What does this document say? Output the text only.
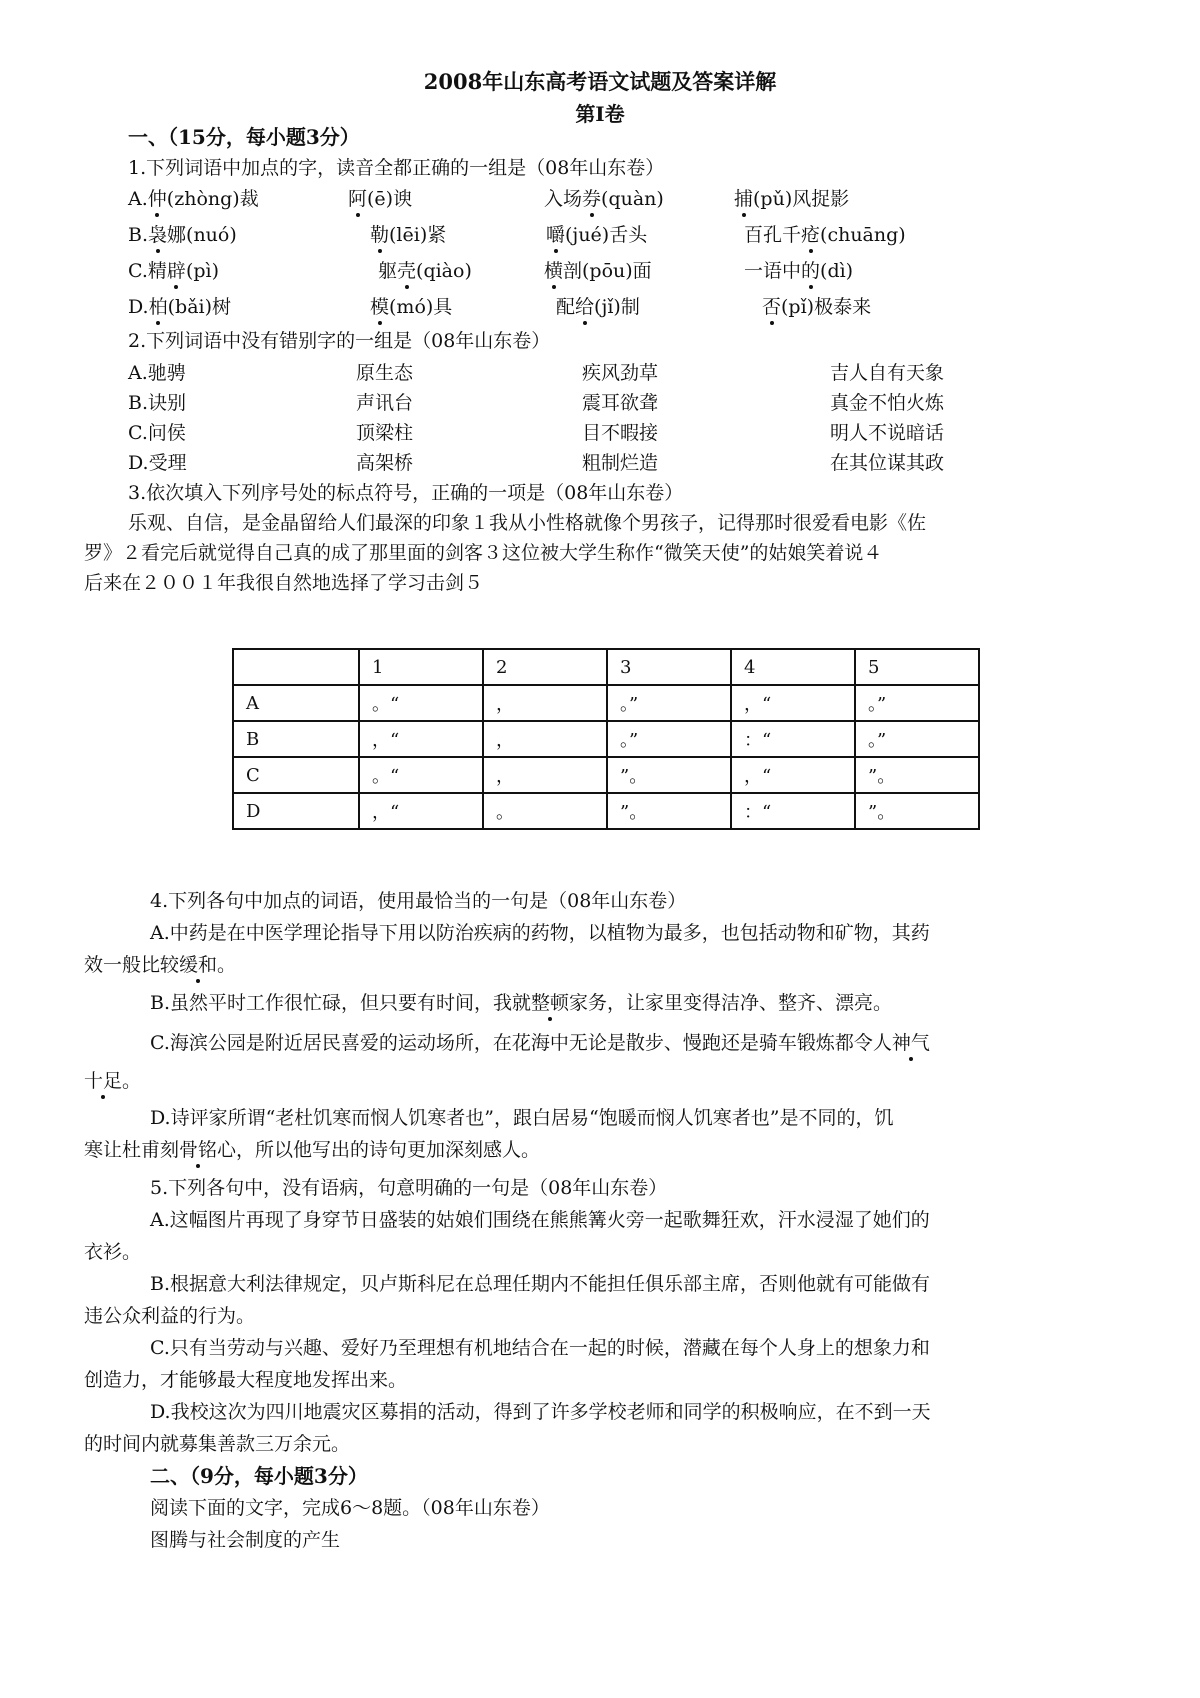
2008年山东高考语文试题及答案详解
第Ⅰ卷
一、（15分，每小题3分）
1.下列词语中加点的字，读音全都正确的一组是（08年山东卷）
A.仲(zhòng)裁	阿(ē)谀	入场券(quàn)	捕(pǔ)风捉影
B.袅娜(nuó)	勒(lēi)紧	嚼(jué)舌头	百孔千疮(chuāng)
C.精辟(pì)	躯壳(qiào)	横剖(pōu)面	一语中的(dì)
D.柏(bǎi)树	模(mó)具	配给(jǐ)制	否(pǐ)极泰来
2.下列词语中没有错别字的一组是（08年山东卷）
A.驰骋	原生态	疾风劲草	吉人自有天象
B.诀别	声讯台	震耳欲聋	真金不怕火炼
C.问侯	顶梁柱	目不暇接	明人不说暗话
D.受理	高架桥	粗制烂造	在其位谋其政
3.依次填入下列序号处的标点符号，正确的一项是（08年山东卷）
乐观、自信，是金晶留给人们最深的印象１我从小性格就像个男孩子，记得那时很爱看电影《佐
罗》２看完后就觉得自己真的成了那里面的剑客３这位被大学生称作“微笑天使”的姑娘笑着说４
后来在２００１年我很自然地选择了学习击剑５
	1	2	3	4	5
A	。“	，	。”	，“	。”
B	，“	，	。”	：“	。”
C	。“	，	”。	，“	”。
D	，“	。	”。	：“	”。
4.下列各句中加点的词语，使用最恰当的一句是（08年山东卷）
A.中药是在中医学理论指导下用以防治疾病的药物，以植物为最多，也包括动物和矿物，其药
效一般比较缓和。
B.虽然平时工作很忙碌，但只要有时间，我就整顿家务，让家里变得洁净、整齐、漂亮。
C.海滨公园是附近居民喜爱的运动场所，在花海中无论是散步、慢跑还是骑车锻炼都令人神气
十足。
D.诗评家所谓“老杜饥寒而悯人饥寒者也”，跟白居易“饱暖而悯人饥寒者也”是不同的，饥
寒让杜甫刻骨铭心，所以他写出的诗句更加深刻感人。
5.下列各句中，没有语病，句意明确的一句是（08年山东卷）
A.这幅图片再现了身穿节日盛装的姑娘们围绕在熊熊篝火旁一起歌舞狂欢，汗水浸湿了她们的
衣衫。
B.根据意大利法律规定，贝卢斯科尼在总理任期内不能担任俱乐部主席，否则他就有可能做有
违公众利益的行为。
C.只有当劳动与兴趣、爱好乃至理想有机地结合在一起的时候，潜藏在每个人身上的想象力和
创造力，才能够最大程度地发挥出来。
D.我校这次为四川地震灾区募捐的活动，得到了许多学校老师和同学的积极响应，在不到一天
的时间内就募集善款三万余元。
二、（9分，每小题3分）
阅读下面的文字，完成6～8题。（08年山东卷）
图腾与社会制度的产生
